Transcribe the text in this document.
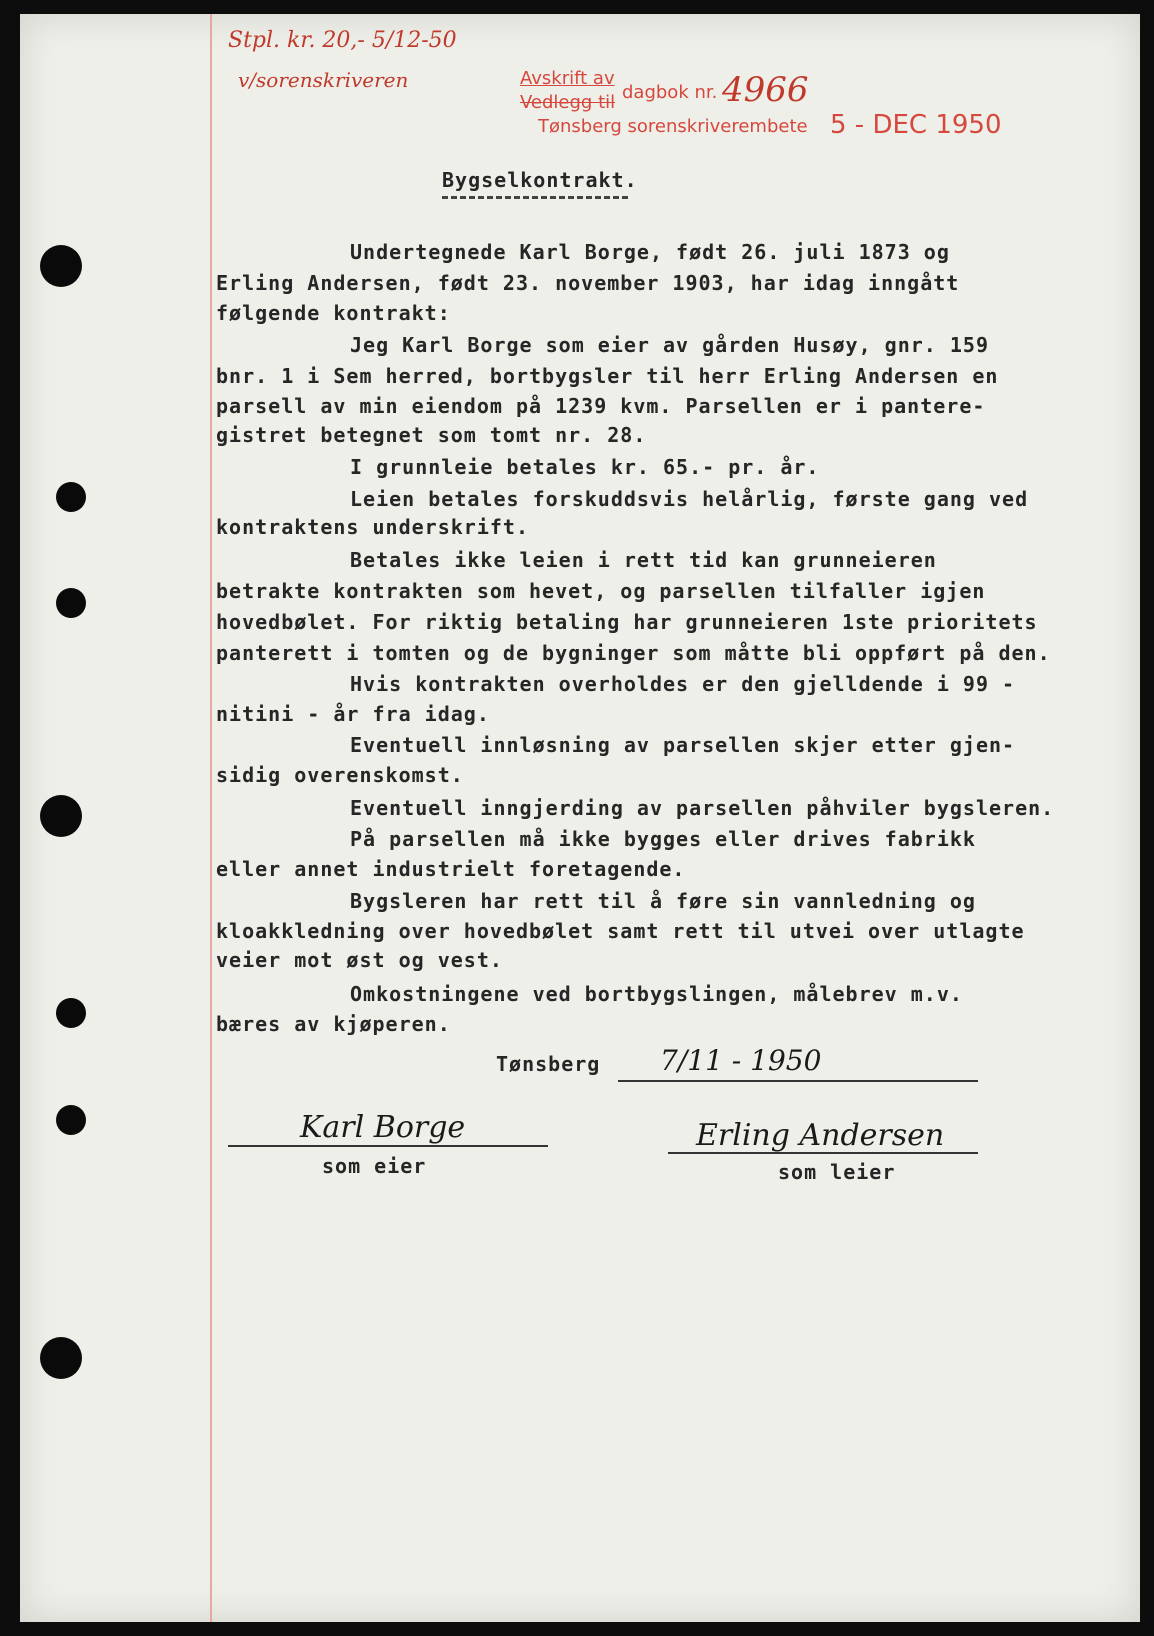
Stpl. kr. 20,- 5/12-50
v/sorenskriveren	Avskrift av
Vedlegg til dagbok nr. 4966
Tønsberg sorenskriverembete 5 - DEC 1950
Bygselkontrakt.
Undertegnede Karl Borge, født 26. juli 1873 og
Erling Andersen, født 23. november 1903, har idag inngått
følgende kontrakt:
Jeg Karl Borge som eier av gården Husøy, gnr. 159
bnr. 1 i Sem herred, bortbygsler til herr Erling Andersen en
parsell av min eiendom på 1239 kvm. Parsellen er i pantere-
gistret betegnet som tomt nr. 28.
I grunnleie betales kr. 65.- pr. år.
Leien betales forskuddsvis helårlig, første gang ved
kontraktens underskrift.
Betales ikke leien i rett tid kan grunneieren
betrakte kontrakten som hevet, og parsellen tilfaller igjen
hovedbølet. For riktig betaling har grunneieren 1ste prioritets
panterett i tomten og de bygninger som måtte bli oppført på den.
Hvis kontrakten overholdes er den gjelldende i 99 -
nitini - år fra idag.
Eventuell innløsning av parsellen skjer etter gjen-
sidig overenskomst.
Eventuell inngjerding av parsellen påhviler bygsleren.
På parsellen må ikke bygges eller drives fabrikk
eller annet industrielt foretagende.
Bygsleren har rett til å føre sin vannledning og
kloakkledning over hovedbølet samt rett til utvei over utlagte
veier mot øst og vest.
Omkostningene ved bortbygslingen, målebrev m.v.
bæres av kjøperen.
Tønsberg 7/11 - 1950
Karl Borge
som eier
Erling Andersen
som leier
